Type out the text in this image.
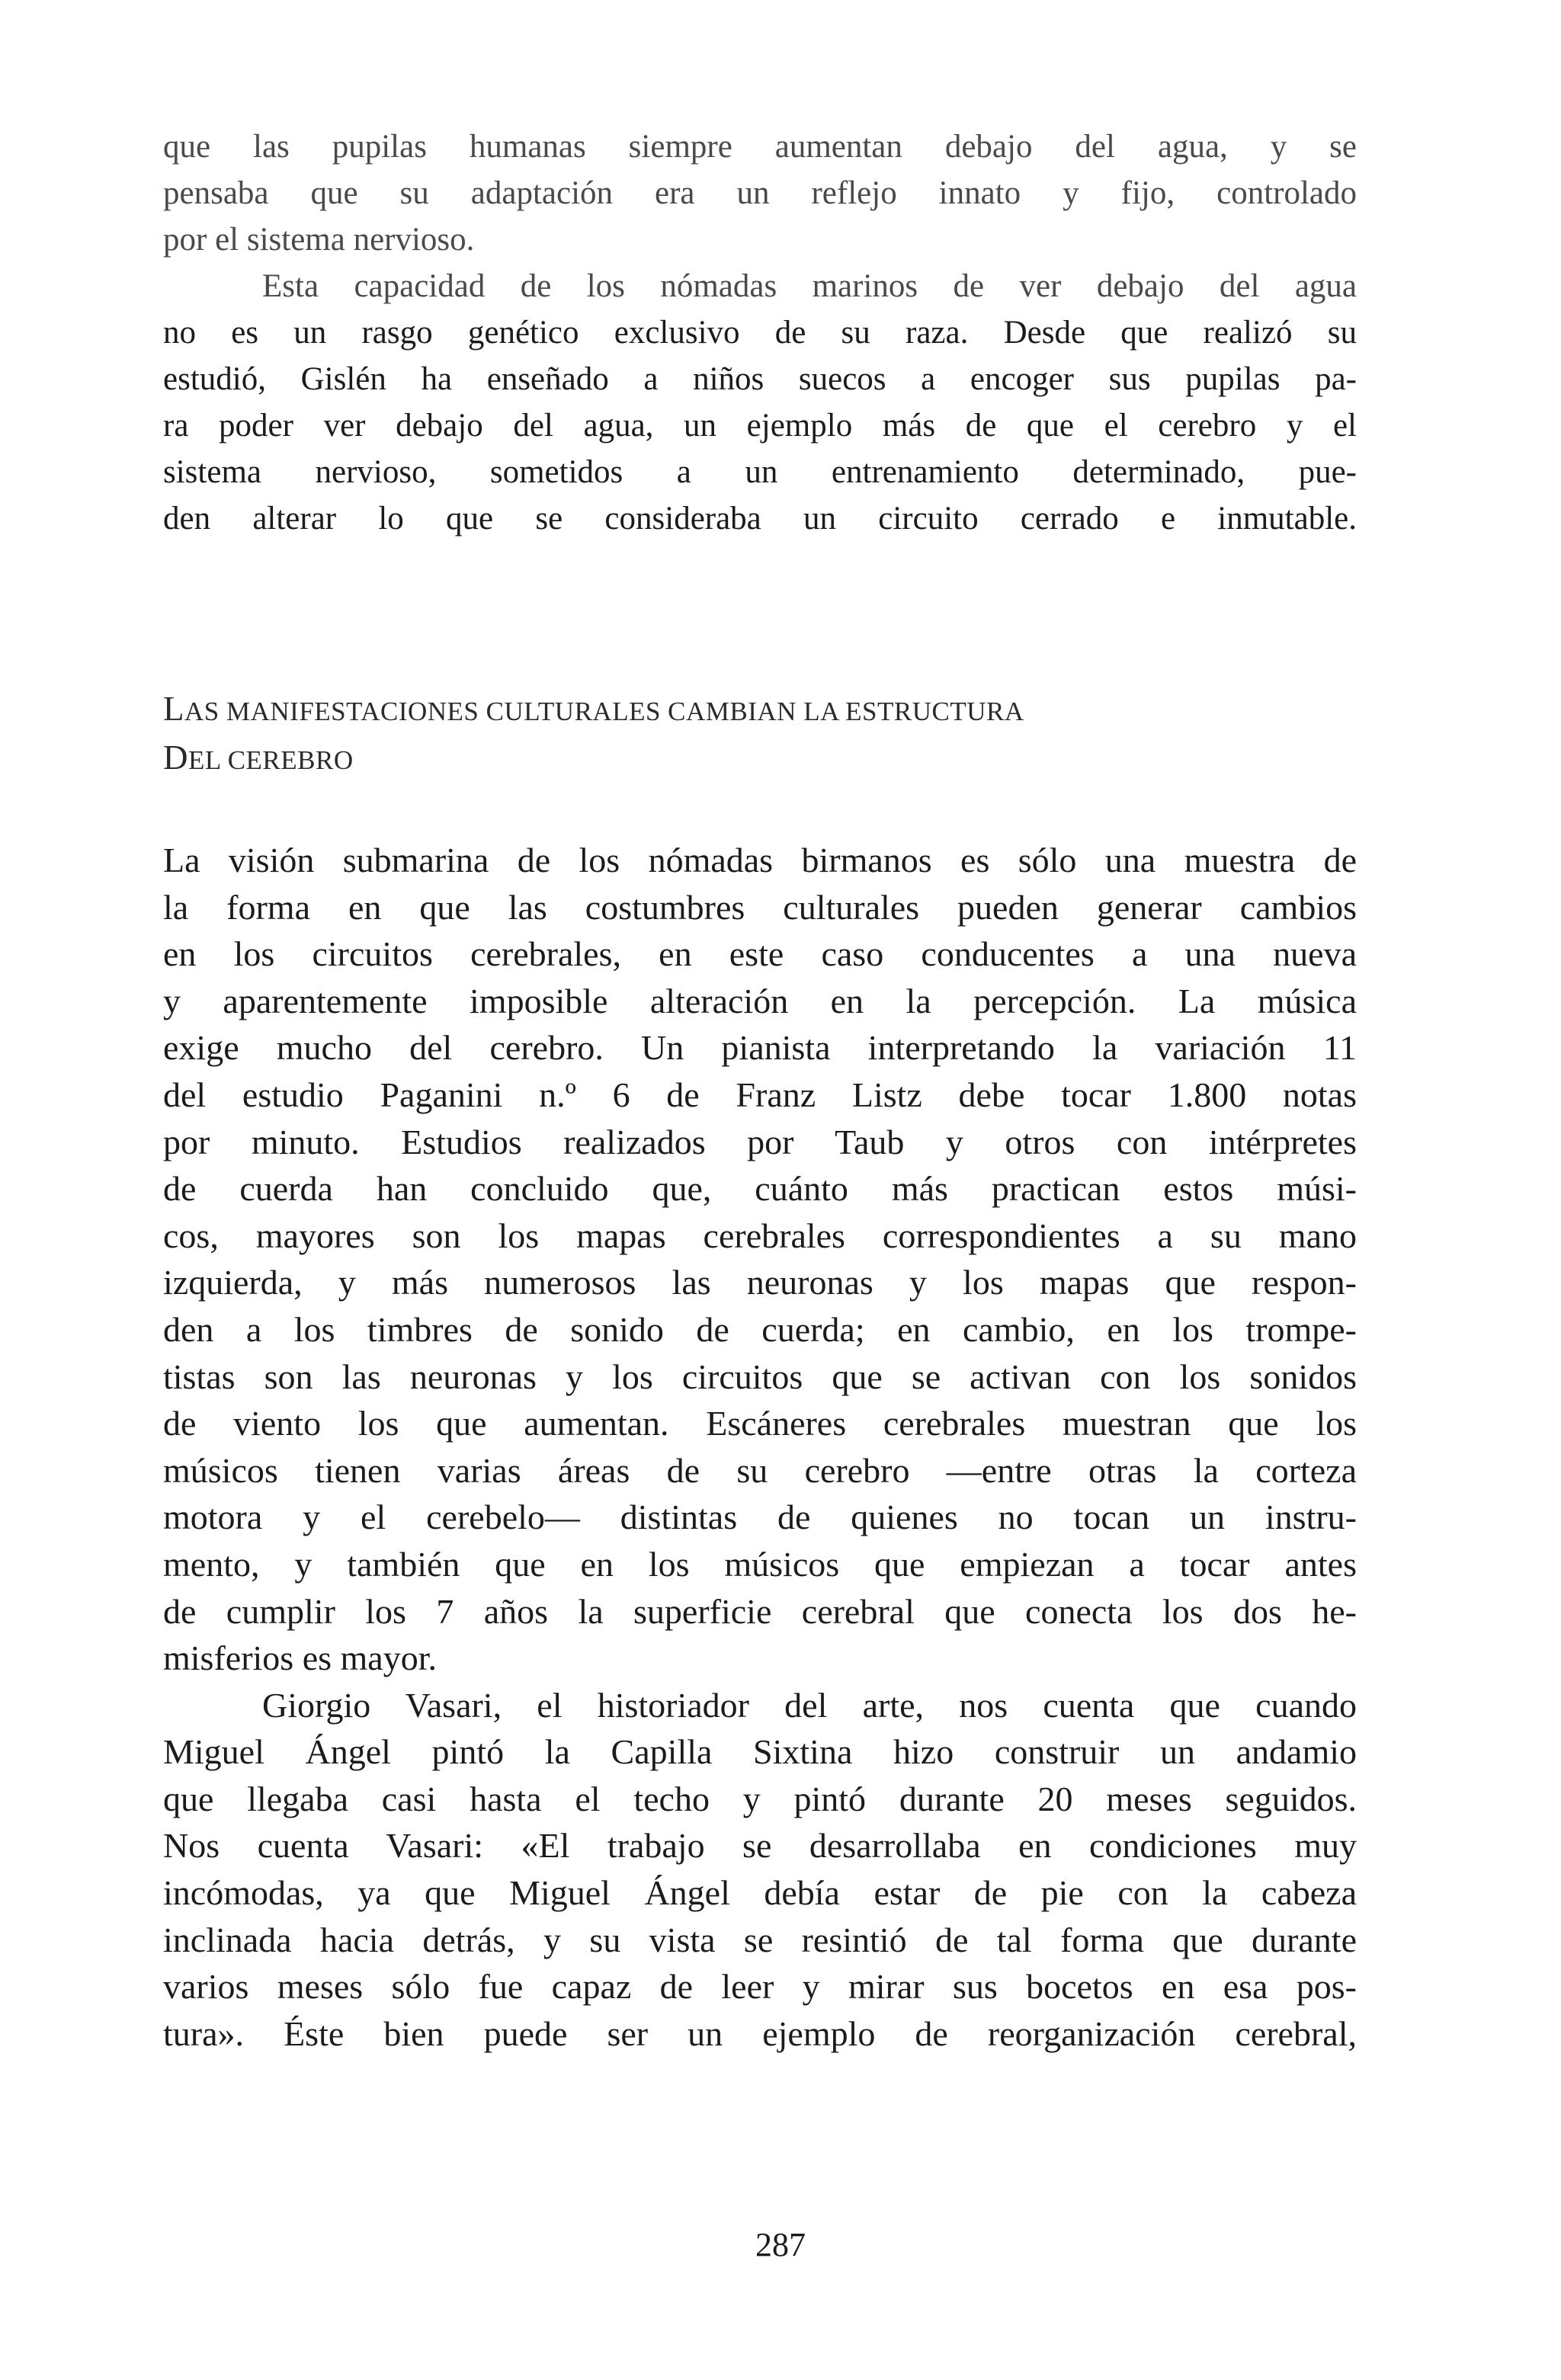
que las pupilas humanas siempre aumentan debajo del agua, y se
pensaba que su adaptación era un reflejo innato y fijo, controlado
por el sistema nervioso.
Esta capacidad de los nómadas marinos de ver debajo del agua
no es un rasgo genético exclusivo de su raza. Desde que realizó su
estudió, Gislén ha enseñado a niños suecos a encoger sus pupilas pa-
ra poder ver debajo del agua, un ejemplo más de que el cerebro y el
sistema nervioso, sometidos a un entrenamiento determinado, pue-
den alterar lo que se consideraba un circuito cerrado e inmutable.
LAS MANIFESTACIONES CULTURALES CAMBIAN LA ESTRUCTURA
DEL CEREBRO
La visión submarina de los nómadas birmanos es sólo una muestra de
la forma en que las costumbres culturales pueden generar cambios
en los circuitos cerebrales, en este caso conducentes a una nueva
y aparentemente imposible alteración en la percepción. La música
exige mucho del cerebro. Un pianista interpretando la variación 11
del estudio Paganini n.º 6 de Franz Listz debe tocar 1.800 notas
por minuto. Estudios realizados por Taub y otros con intérpretes
de cuerda han concluido que, cuánto más practican estos músi-
cos, mayores son los mapas cerebrales correspondientes a su mano
izquierda, y más numerosos las neuronas y los mapas que respon-
den a los timbres de sonido de cuerda; en cambio, en los trompe-
tistas son las neuronas y los circuitos que se activan con los sonidos
de viento los que aumentan. Escáneres cerebrales muestran que los
músicos tienen varias áreas de su cerebro —entre otras la corteza
motora y el cerebelo— distintas de quienes no tocan un instru-
mento, y también que en los músicos que empiezan a tocar antes
de cumplir los 7 años la superficie cerebral que conecta los dos he-
misferios es mayor.
Giorgio Vasari, el historiador del arte, nos cuenta que cuando
Miguel Ángel pintó la Capilla Sixtina hizo construir un andamio
que llegaba casi hasta el techo y pintó durante 20 meses seguidos.
Nos cuenta Vasari: «El trabajo se desarrollaba en condiciones muy
incómodas, ya que Miguel Ángel debía estar de pie con la cabeza
inclinada hacia detrás, y su vista se resintió de tal forma que durante
varios meses sólo fue capaz de leer y mirar sus bocetos en esa pos-
tura». Éste bien puede ser un ejemplo de reorganización cerebral,
287
